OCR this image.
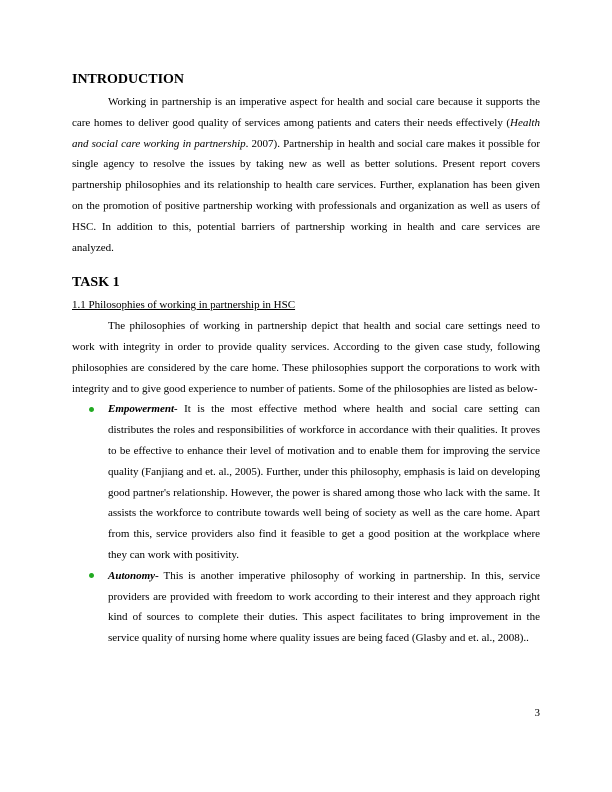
INTRODUCTION

Working in partnership is an imperative aspect for health and social care because it supports the care homes to deliver good quality of services among patients and caters their needs effectively (Health and social care working in partnership. 2007). Partnership in health and social care makes it possible for single agency to resolve the issues by taking new as well as better solutions. Present report covers partnership philosophies and its relationship to health care services. Further, explanation has been given on the promotion of positive partnership working with professionals and organization as well as users of HSC. In addition to this, potential barriers of partnership working in health and care services are analyzed.

TASK 1
1.1 Philosophies of working in partnership in HSC

The philosophies of working in partnership depict that health and social care settings need to work with integrity in order to provide quality services. According to the given case study, following philosophies are considered by the care home. These philosophies support the corporations to work with integrity and to give good experience to number of patients. Some of the philosophies are listed as below-

Empowerment- It is the most effective method where health and social care setting can distributes the roles and responsibilities of workforce in accordance with their qualities. It proves to be effective to enhance their level of motivation and to enable them for improving the service quality (Fanjiang and et. al., 2005). Further, under this philosophy, emphasis is laid on developing good partner's relationship. However, the power is shared among those who lack with the same. It assists the workforce to contribute towards well being of society as well as the care home. Apart from this, service providers also find it feasible to get a good position at the workplace where they can work with positivity.
Autonomy- This is another imperative philosophy of working in partnership. In this, service providers are provided with freedom to work according to their interest and they approach right kind of sources to complete their duties. This aspect facilitates to bring improvement in the service quality of nursing home where quality issues are being faced (Glasby and et. al., 2008)..
3
